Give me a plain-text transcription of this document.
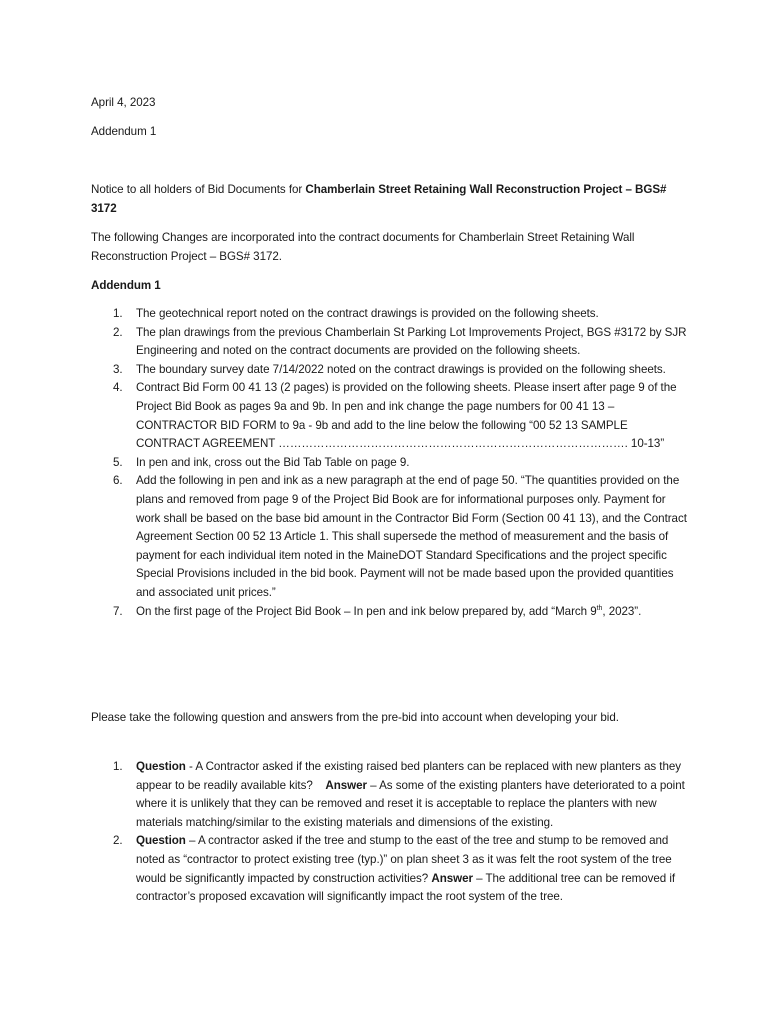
April 4, 2023

Addendum 1

Notice to all holders of Bid Documents for Chamberlain Street Retaining Wall Reconstruction Project – BGS# 3172

The following Changes are incorporated into the contract documents for Chamberlain Street Retaining Wall Reconstruction Project – BGS# 3172.

Addendum 1

1. The geotechnical report noted on the contract drawings is provided on the following sheets.
2. The plan drawings from the previous Chamberlain St Parking Lot Improvements Project, BGS #3172 by SJR Engineering and noted on the contract documents are provided on the following sheets.
3. The boundary survey date 7/14/2022 noted on the contract drawings is provided on the following sheets.
4. Contract Bid Form 00 41 13 (2 pages) is provided on the following sheets. Please insert after page 9 of the Project Bid Book as pages 9a and 9b. In pen and ink change the page numbers for 00 41 13 – CONTRACTOR BID FORM to 9a - 9b and add to the line below the following “00 52 13 SAMPLE CONTRACT AGREEMENT ………………………………………………………………………………. 10-13”
5. In pen and ink, cross out the Bid Tab Table on page 9.
6. Add the following in pen and ink as a new paragraph at the end of page 50. “The quantities provided on the plans and removed from page 9 of the Project Bid Book are for informational purposes only. Payment for work shall be based on the base bid amount in the Contractor Bid Form (Section 00 41 13), and the Contract Agreement Section 00 52 13 Article 1. This shall supersede the method of measurement and the basis of payment for each individual item noted in the MaineDOT Standard Specifications and the project specific Special Provisions included in the bid book. Payment will not be made based upon the provided quantities and associated unit prices.”
7. On the first page of the Project Bid Book – In pen and ink below prepared by, add “March 9th, 2023”.

Please take the following question and answers from the pre-bid into account when developing your bid.

1. Question - A Contractor asked if the existing raised bed planters can be replaced with new planters as they appear to be readily available kits? Answer – As some of the existing planters have deteriorated to a point where it is unlikely that they can be removed and reset it is acceptable to replace the planters with new materials matching/similar to the existing materials and dimensions of the existing.
2. Question – A contractor asked if the tree and stump to the east of the tree and stump to be removed and noted as “contractor to protect existing tree (typ.)” on plan sheet 3 as it was felt the root system of the tree would be significantly impacted by construction activities? Answer – The additional tree can be removed if contractor’s proposed excavation will significantly impact the root system of the tree.
